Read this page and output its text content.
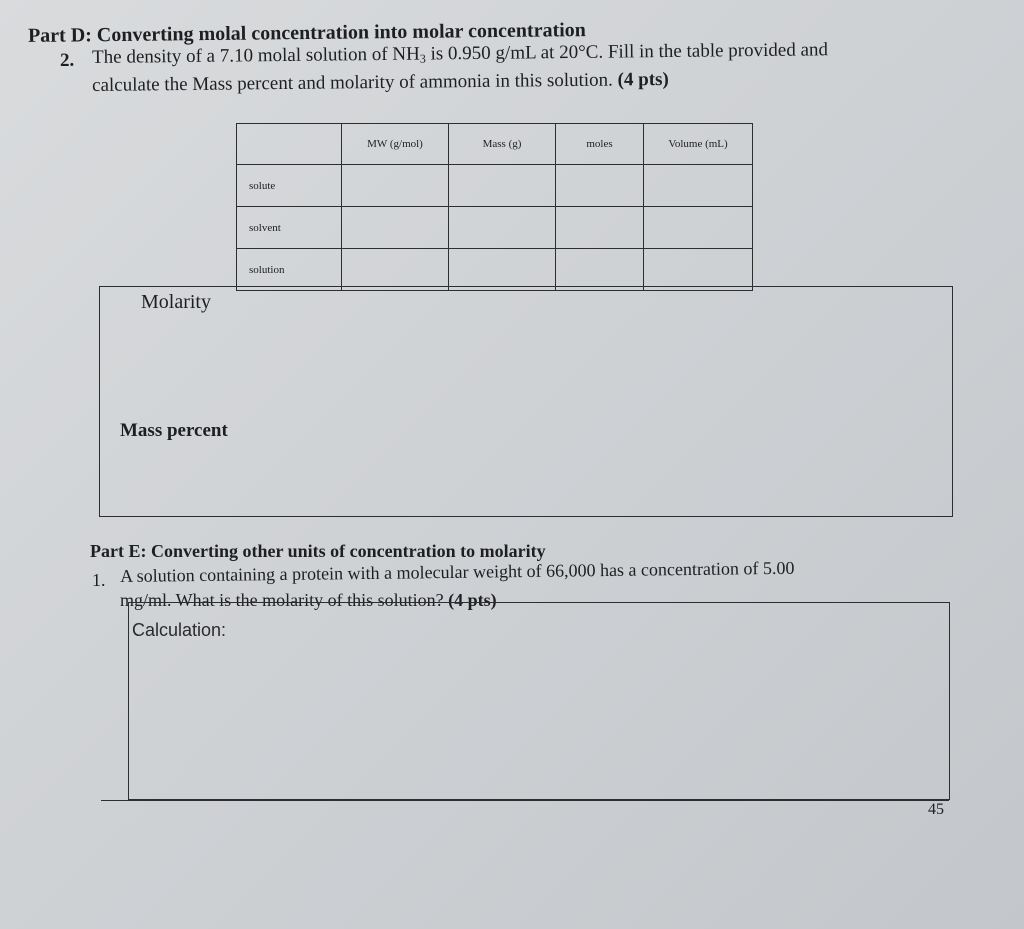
Part D: Converting molal concentration into molar concentration
2. The density of a 7.10 molal solution of $NH_3$ is 0.950 g/mL at 20°C. Fill in the table provided and
calculate the Mass percent and molarity of ammonia in this solution. (4 pts)
	MW (g/mol)	Mass (g)	moles	Volume (mL)
solute				
solvent				
solution				
Molarity
Mass percent
Part E: Converting other units of concentration to molarity
1. A solution containing a protein with a molecular weight of 66,000 has a concentration of 5.00
mg/ml. What is the molarity of this solution? (4 pts)
Calculation:
45
